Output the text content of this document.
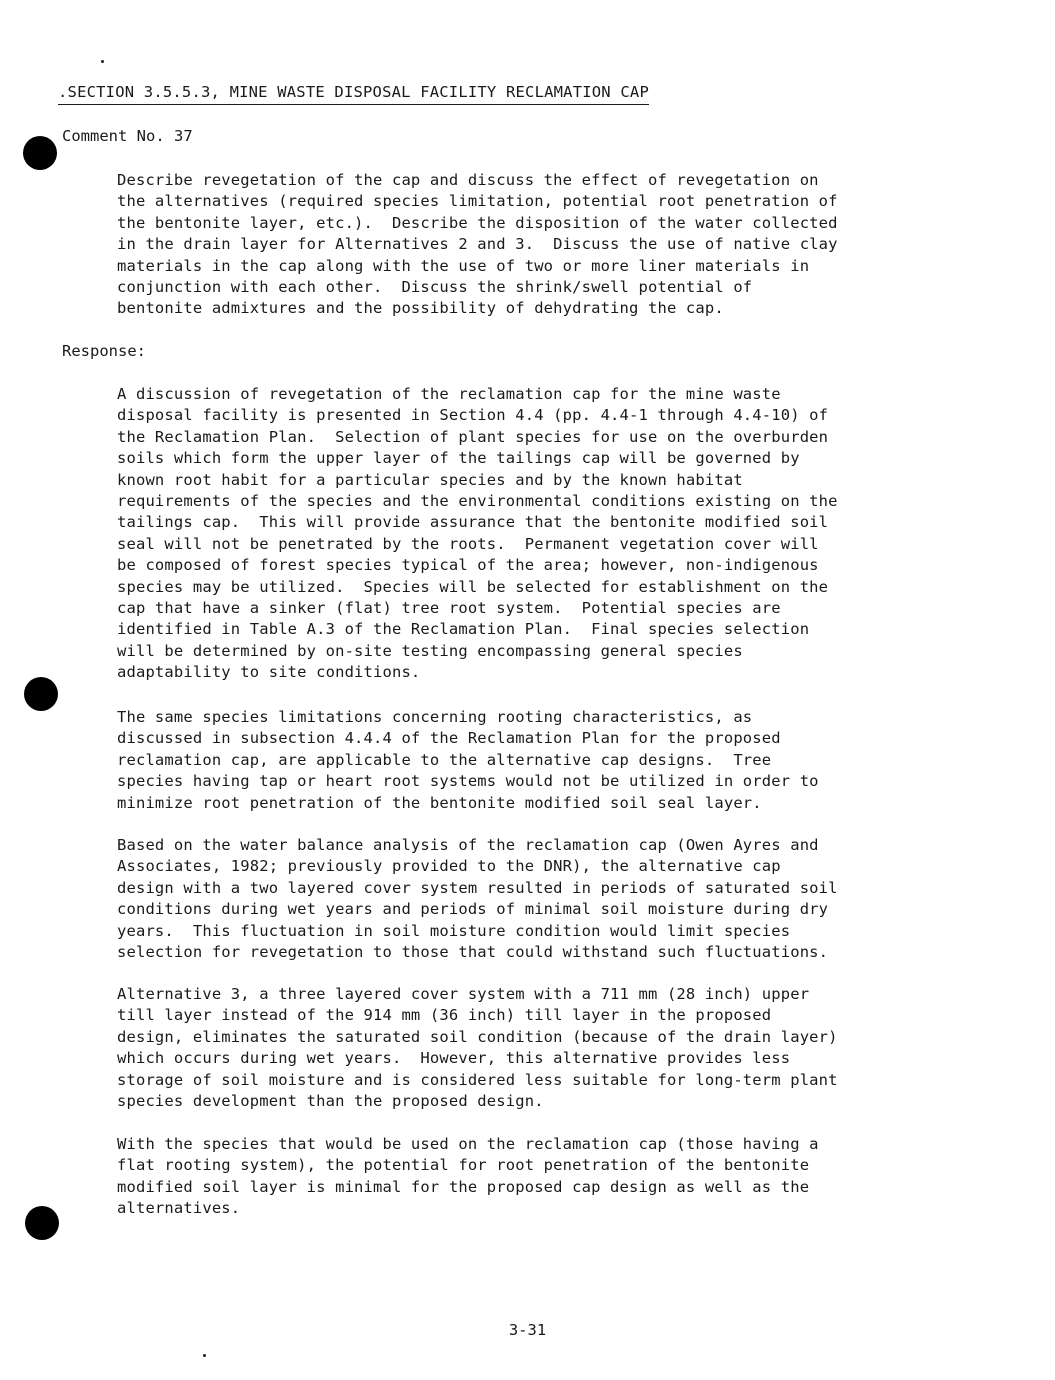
.SECTION 3.5.5.3, MINE WASTE DISPOSAL FACILITY RECLAMATION CAP
Comment No. 37
Describe revegetation of the cap and discuss the effect of revegetation on
the alternatives (required species limitation, potential root penetration of
the bentonite layer, etc.).  Describe the disposition of the water collected
in the drain layer for Alternatives 2 and 3.  Discuss the use of native clay
materials in the cap along with the use of two or more liner materials in
conjunction with each other.  Discuss the shrink/swell potential of
bentonite admixtures and the possibility of dehydrating the cap.
Response:
A discussion of revegetation of the reclamation cap for the mine waste
disposal facility is presented in Section 4.4 (pp. 4.4-1 through 4.4-10) of
the Reclamation Plan.  Selection of plant species for use on the overburden
soils which form the upper layer of the tailings cap will be governed by
known root habit for a particular species and by the known habitat
requirements of the species and the environmental conditions existing on the
tailings cap.  This will provide assurance that the bentonite modified soil
seal will not be penetrated by the roots.  Permanent vegetation cover will
be composed of forest species typical of the area; however, non-indigenous
species may be utilized.  Species will be selected for establishment on the
cap that have a sinker (flat) tree root system.  Potential species are
identified in Table A.3 of the Reclamation Plan.  Final species selection
will be determined by on-site testing encompassing general species
adaptability to site conditions.
The same species limitations concerning rooting characteristics, as
discussed in subsection 4.4.4 of the Reclamation Plan for the proposed
reclamation cap, are applicable to the alternative cap designs.  Tree
species having tap or heart root systems would not be utilized in order to
minimize root penetration of the bentonite modified soil seal layer.
Based on the water balance analysis of the reclamation cap (Owen Ayres and
Associates, 1982; previously provided to the DNR), the alternative cap
design with a two layered cover system resulted in periods of saturated soil
conditions during wet years and periods of minimal soil moisture during dry
years.  This fluctuation in soil moisture condition would limit species
selection for revegetation to those that could withstand such fluctuations.
Alternative 3, a three layered cover system with a 711 mm (28 inch) upper
till layer instead of the 914 mm (36 inch) till layer in the proposed
design, eliminates the saturated soil condition (because of the drain layer)
which occurs during wet years.  However, this alternative provides less
storage of soil moisture and is considered less suitable for long-term plant
species development than the proposed design.
With the species that would be used on the reclamation cap (those having a
flat rooting system), the potential for root penetration of the bentonite
modified soil layer is minimal for the proposed cap design as well as the
alternatives.
3-31
